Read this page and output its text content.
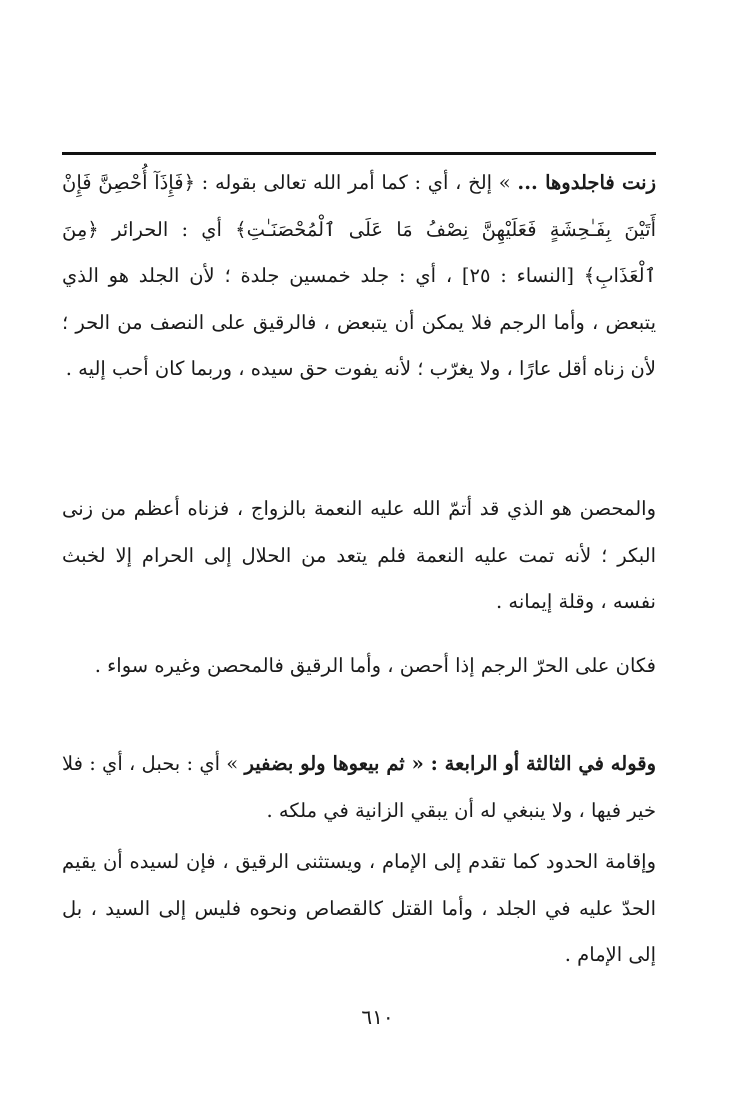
زنت فاجلدوها ... » إلخ ، أي : كما أمر الله تعالى بقوله : ﴿فَإِذَآ أُحْصِنَّ فَإِنْ أَتَيْنَ بِفَـٰحِشَةٍ فَعَلَيْهِنَّ نِصْفُ مَا عَلَى ٱلْمُحْصَنَـٰتِ﴾ أي : الحرائر ﴿مِنَ ٱلْعَذَابِ﴾ [النساء : ٢٥] ، أي : جلد خمسين جلدة ؛ لأن الجلد هو الذي يتبعض ، وأما الرجم فلا يمكن أن يتبعض ، فالرقيق على النصف من الحر ؛ لأن زناه أقل عارًا ، ولا يغرّب ؛ لأنه يفوت حق سيده ، وربما كان أحب إليه .

والمحصن هو الذي قد أتمّ الله عليه النعمة بالزواج ، فزناه أعظم من زنى البكر ؛ لأنه تمت عليه النعمة فلم يتعد من الحلال إلى الحرام إلا لخبث نفسه ، وقلة إيمانه .

فكان على الحرّ الرجم إذا أحصن ، وأما الرقيق فالمحصن وغيره سواء .

وقوله في الثالثة أو الرابعة : « ثم بيعوها ولو بضفير » أي : بحبل ، أي : فلا خير فيها ، ولا ينبغي له أن يبقي الزانية في ملكه .

وإقامة الحدود كما تقدم إلى الإمام ، ويستثنى الرقيق ، فإن لسيده أن يقيم الحدّ عليه في الجلد ، وأما القتل كالقصاص ونحوه فليس إلى السيد ، بل إلى الإمام .

٦١٠
